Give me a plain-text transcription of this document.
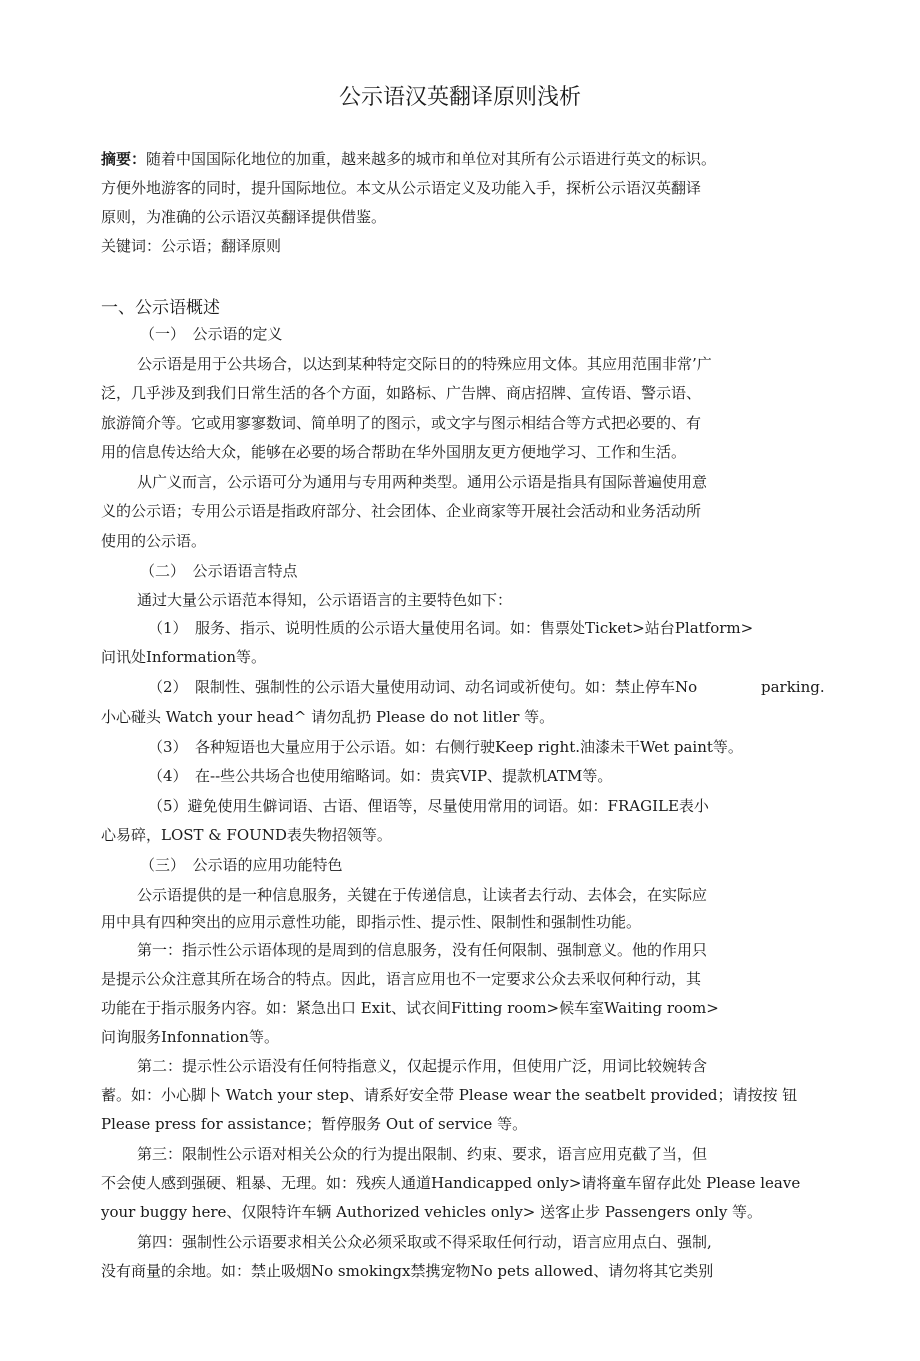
公示语汉英翻译原则浅析

摘要：随着中国国际化地位的加重，越来越多的城市和单位对其所有公示语进行英文的标识。

方便外地游客的同时，提升国际地位。本文从公示语定义及功能入手，探析公示语汉英翻译

原则，为准确的公示语汉英翻译提供借鉴。

关键词：公示语；翻译原则

一、公示语概述

（一）　公示语的定义

公示语是用于公共场合，以达到某种特定交际日的的特殊应用文体。其应用范围非常’广

泛，几乎涉及到我们日常生活的各个方面，如路标、广告牌、商店招牌、宣传语、警示语、

旅游简介等。它或用寥寥数词、简单明了的图示，或文字与图示相结合等方式把必要的、有

用的信息传达给大众，能够在必要的场合帮助在华外国朋友更方便地学习、工作和生活。

从广义而言，公示语可分为通用与专用两种类型。通用公示语是指具有国际普遍使用意

义的公示语；专用公示语是指政府部分、社会团体、企业商家等开展社会活动和业务活动所

使用的公示语。

（二）　公示语语言特点

通过大量公示语范本得知，公示语语言的主要特色如下：

（1）　服务、指示、说明性质的公示语大量使用名词。如：售票处Ticket>站台Platform>

问讯处Information等。

（2）　限制性、强制性的公示语大量使用动词、动名词或祈使句。如：禁止停车No	parking.

小心碰头 Watch your head^ 请勿乱扔 Please do not litler 等。

（3）　各种短语也大量应用于公示语。如：右侧行驶Keep right.油漆未干Wet paint等。

（4）　在--些公共场合也使用缩略词。如：贵宾VIP、提款机ATM等。

（5）避免使用生僻词语、古语、俚语等，尽量使用常用的词语。如：FRAGILE表小

心易碎，LOST & FOUND表失物招领等。

（三）　公示语的应用功能特色

公示语提供的是一种信息服务，关键在于传递信息，让读者去行动、去体会，在实际应

用中具有四种突出的应用示意性功能，即指示性、提示性、限制性和强制性功能。

第一：指示性公示语体现的是周到的信息服务，没有任何限制、强制意义。他的作用只

是提示公众注意其所在场合的特点。因此，语言应用也不一定要求公众去釆収何种行动，其

功能在于指示服务内容。如：紧急出口 Exit、试衣间Fitting room>候车室Waiting room>

问询服务Infonnation等。

第二：提示性公示语没有任何特指意义，仅起提示作用，但使用广泛，用词比较婉转含

蓄。如：小心脚卜 Watch your step、请系好安全带 Please wear the seatbelt provided；请按按 钮

Please press for assistance；暂停服务 Out of service 等。

第三：限制性公示语对相关公众的行为提出限制、约束、要求，语言应用克截了当，但

不会使人感到强硬、粗暴、无理。如：残疾人通道Handicapped only>请将童车留存此处 Please leave

your buggy here、仅限特许车辆 Authorized vehicles only> 送客止步 Passengers only 等。

第四：强制性公示语要求相关公众必须采取或不得采取任何行动，语言应用点白、强制,

没有商量的余地。如：禁止吸烟No smokingx禁携宠物No pets allowed、请勿将其它类别
